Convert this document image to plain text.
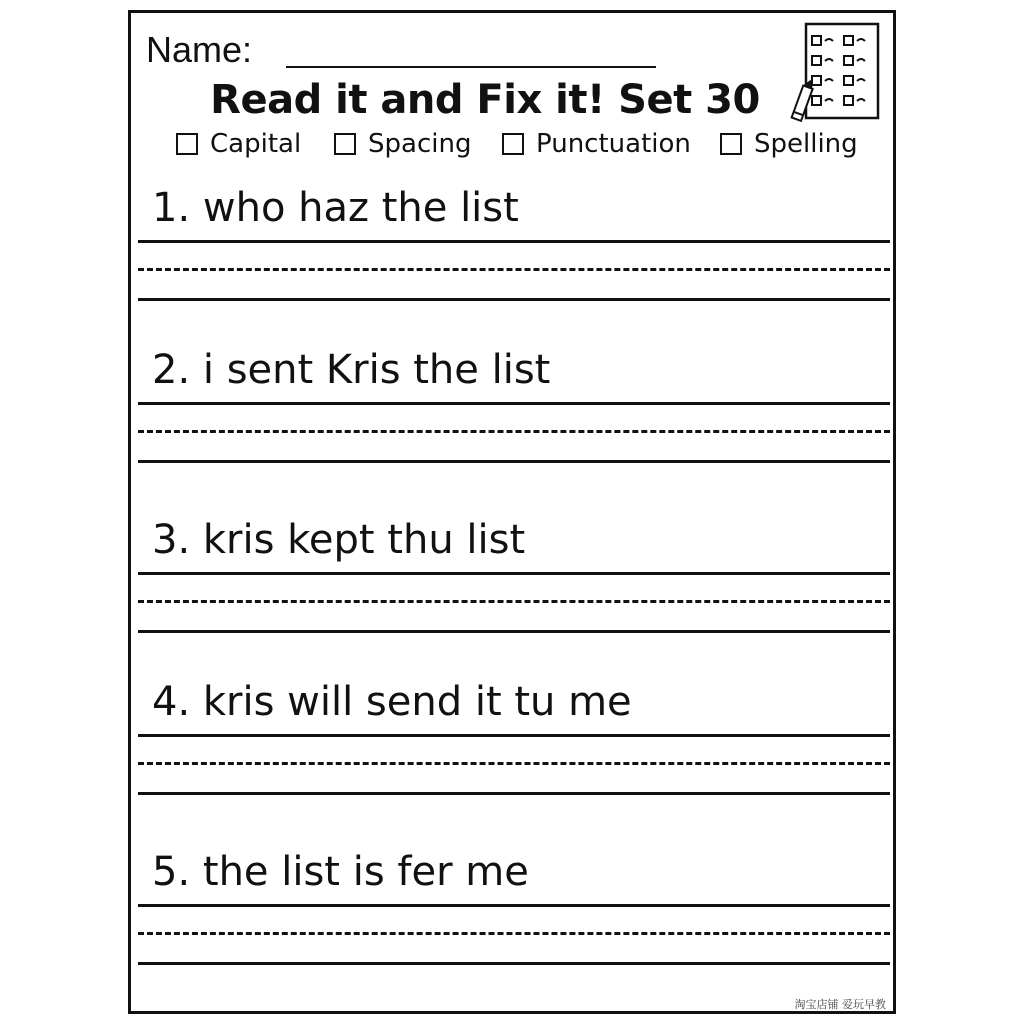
Name:
Read it and Fix it! Set 30
Capital	Spacing Punctuation Spelling
1. who haz the list
2. i sent Kris the list
3. kris kept thu list
4. kris will send it tu me
5. the list is fer me
淘宝店铺 爱玩早教
